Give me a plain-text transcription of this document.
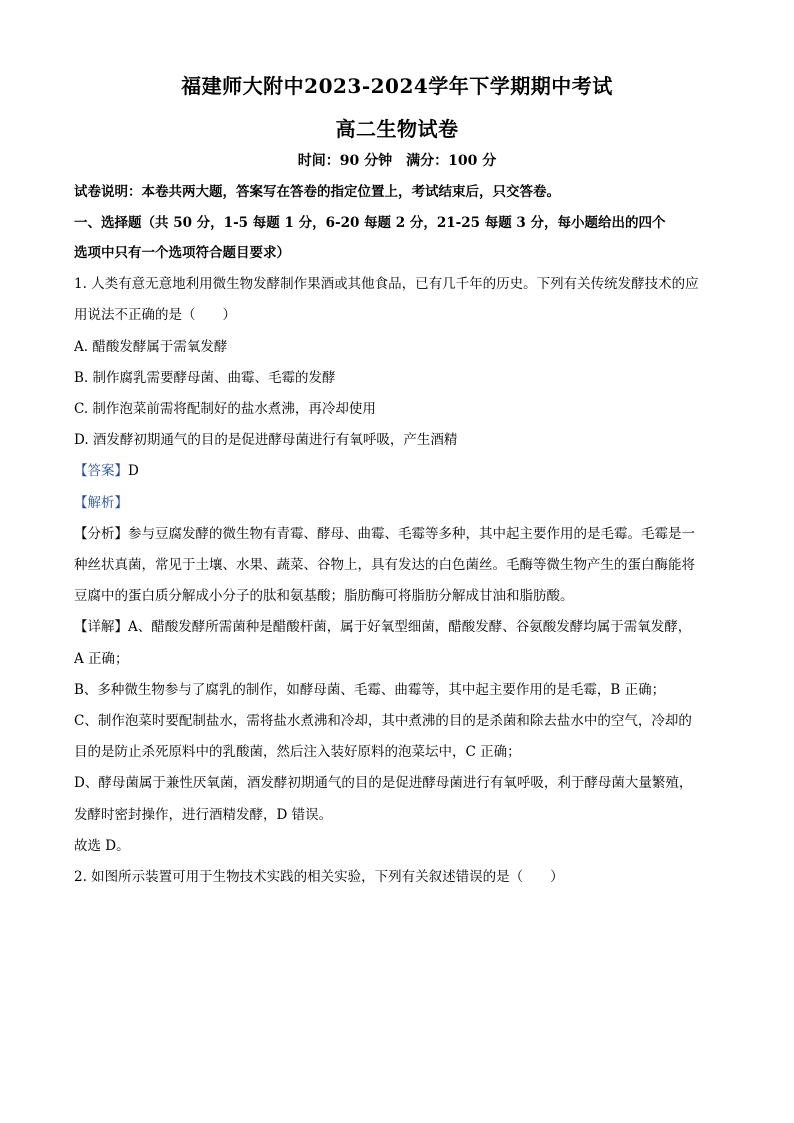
福建师大附中2023-2024学年下学期期中考试
高二生物试卷
时间：90 分钟　满分：100 分
试卷说明：本卷共两大题，答案写在答卷的指定位置上，考试结束后，只交答卷。
一、选择题（共 50 分，1-5 每题 1 分，6-20 每题 2 分，21-25 每题 3 分，每小题给出的四个
选项中只有一个选项符合题目要求）
1. 人类有意无意地利用微生物发酵制作果酒或其他食品，已有几千年的历史。下列有关传统发酵技术的应
用说法不正确的是（　　）
A. 醋酸发酵属于需氧发酵
B. 制作腐乳需要酵母菌、曲霉、毛霉的发酵
C. 制作泡菜前需将配制好的盐水煮沸，再冷却使用
D. 酒发酵初期通气的目的是促进酵母菌进行有氧呼吸，产生酒精
【答案】D
【解析】
【分析】参与豆腐发酵的微生物有青霉、酵母、曲霉、毛霉等多种，其中起主要作用的是毛霉。毛霉是一
种丝状真菌，常见于土壤、水果、蔬菜、谷物上，具有发达的白色菌丝。毛酶等微生物产生的蛋白酶能将
豆腐中的蛋白质分解成小分子的肽和氨基酸；脂肪酶可将脂肪分解成甘油和脂肪酸。
【详解】A、醋酸发酵所需菌种是醋酸杆菌，属于好氧型细菌，醋酸发酵、谷氨酸发酵均属于需氧发酵，
A 正确；
B、多种微生物参与了腐乳的制作，如酵母菌、毛霉、曲霉等，其中起主要作用的是毛霉，B 正确；
C、制作泡菜时要配制盐水，需将盐水煮沸和冷却，其中煮沸的目的是杀菌和除去盐水中的空气，冷却的
目的是防止杀死原料中的乳酸菌，然后注入装好原料的泡菜坛中，C 正确；
D、酵母菌属于兼性厌氧菌，酒发酵初期通气的目的是促进酵母菌进行有氧呼吸，利于酵母菌大量繁殖，
发酵时密封操作，进行酒精发酵，D 错误。
故选 D。
2. 如图所示装置可用于生物技术实践的相关实验，下列有关叙述错误的是（　　）
